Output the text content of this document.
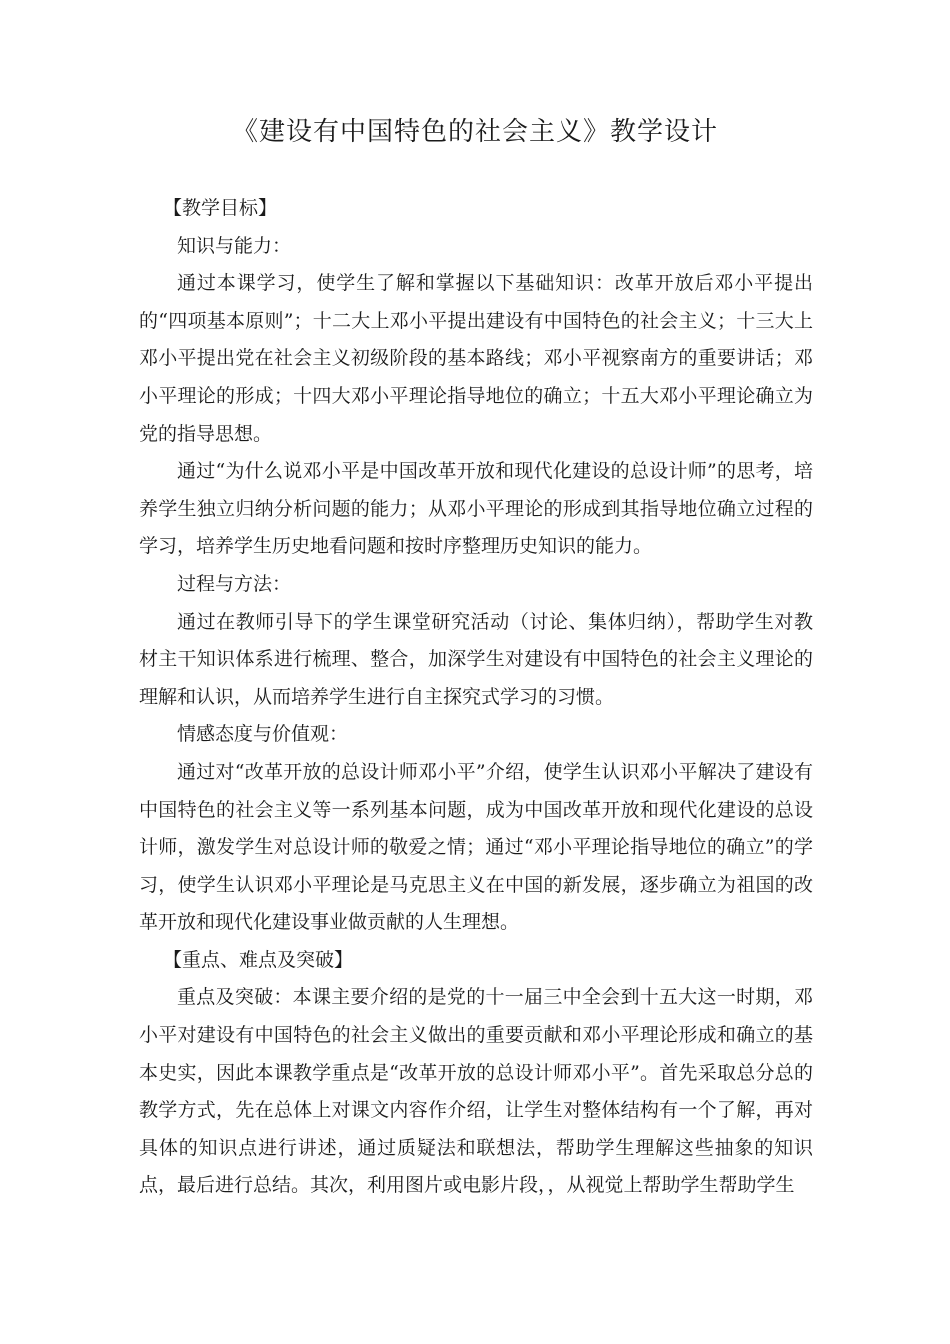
《建设有中国特色的社会主义》教学设计

【教学目标】

知识与能力：

通过本课学习，使学生了解和掌握以下基础知识：改革开放后邓小平提出的“四项基本原则”；十二大上邓小平提出建设有中国特色的社会主义；十三大上邓小平提出党在社会主义初级阶段的基本路线；邓小平视察南方的重要讲话；邓小平理论的形成；十四大邓小平理论指导地位的确立；十五大邓小平理论确立为党的指导思想。

通过“为什么说邓小平是中国改革开放和现代化建设的总设计师”的思考，培养学生独立归纳分析问题的能力；从邓小平理论的形成到其指导地位确立过程的学习，培养学生历史地看问题和按时序整理历史知识的能力。

过程与方法：

通过在教师引导下的学生课堂研究活动（讨论、集体归纳），帮助学生对教材主干知识体系进行梳理、整合，加深学生对建设有中国特色的社会主义理论的理解和认识，从而培养学生进行自主探究式学习的习惯。

情感态度与价值观：

通过对“改革开放的总设计师邓小平”介绍，使学生认识邓小平解决了建设有中国特色的社会主义等一系列基本问题，成为中国改革开放和现代化建设的总设计师，激发学生对总设计师的敬爱之情；通过“邓小平理论指导地位的确立”的学习，使学生认识邓小平理论是马克思主义在中国的新发展，逐步确立为祖国的改革开放和现代化建设事业做贡献的人生理想。

【重点、难点及突破】

重点及突破：本课主要介绍的是党的十一届三中全会到十五大这一时期，邓小平对建设有中国特色的社会主义做出的重要贡献和邓小平理论形成和确立的基本史实，因此本课教学重点是“改革开放的总设计师邓小平”。首先采取总分总的教学方式，先在总体上对课文内容作介绍，让学生对整体结构有一个了解，再对具体的知识点进行讲述，通过质疑法和联想法，帮助学生理解这些抽象的知识点，最后进行总结。其次，利用图片或电影片段，，从视觉上帮助学生帮助学生
